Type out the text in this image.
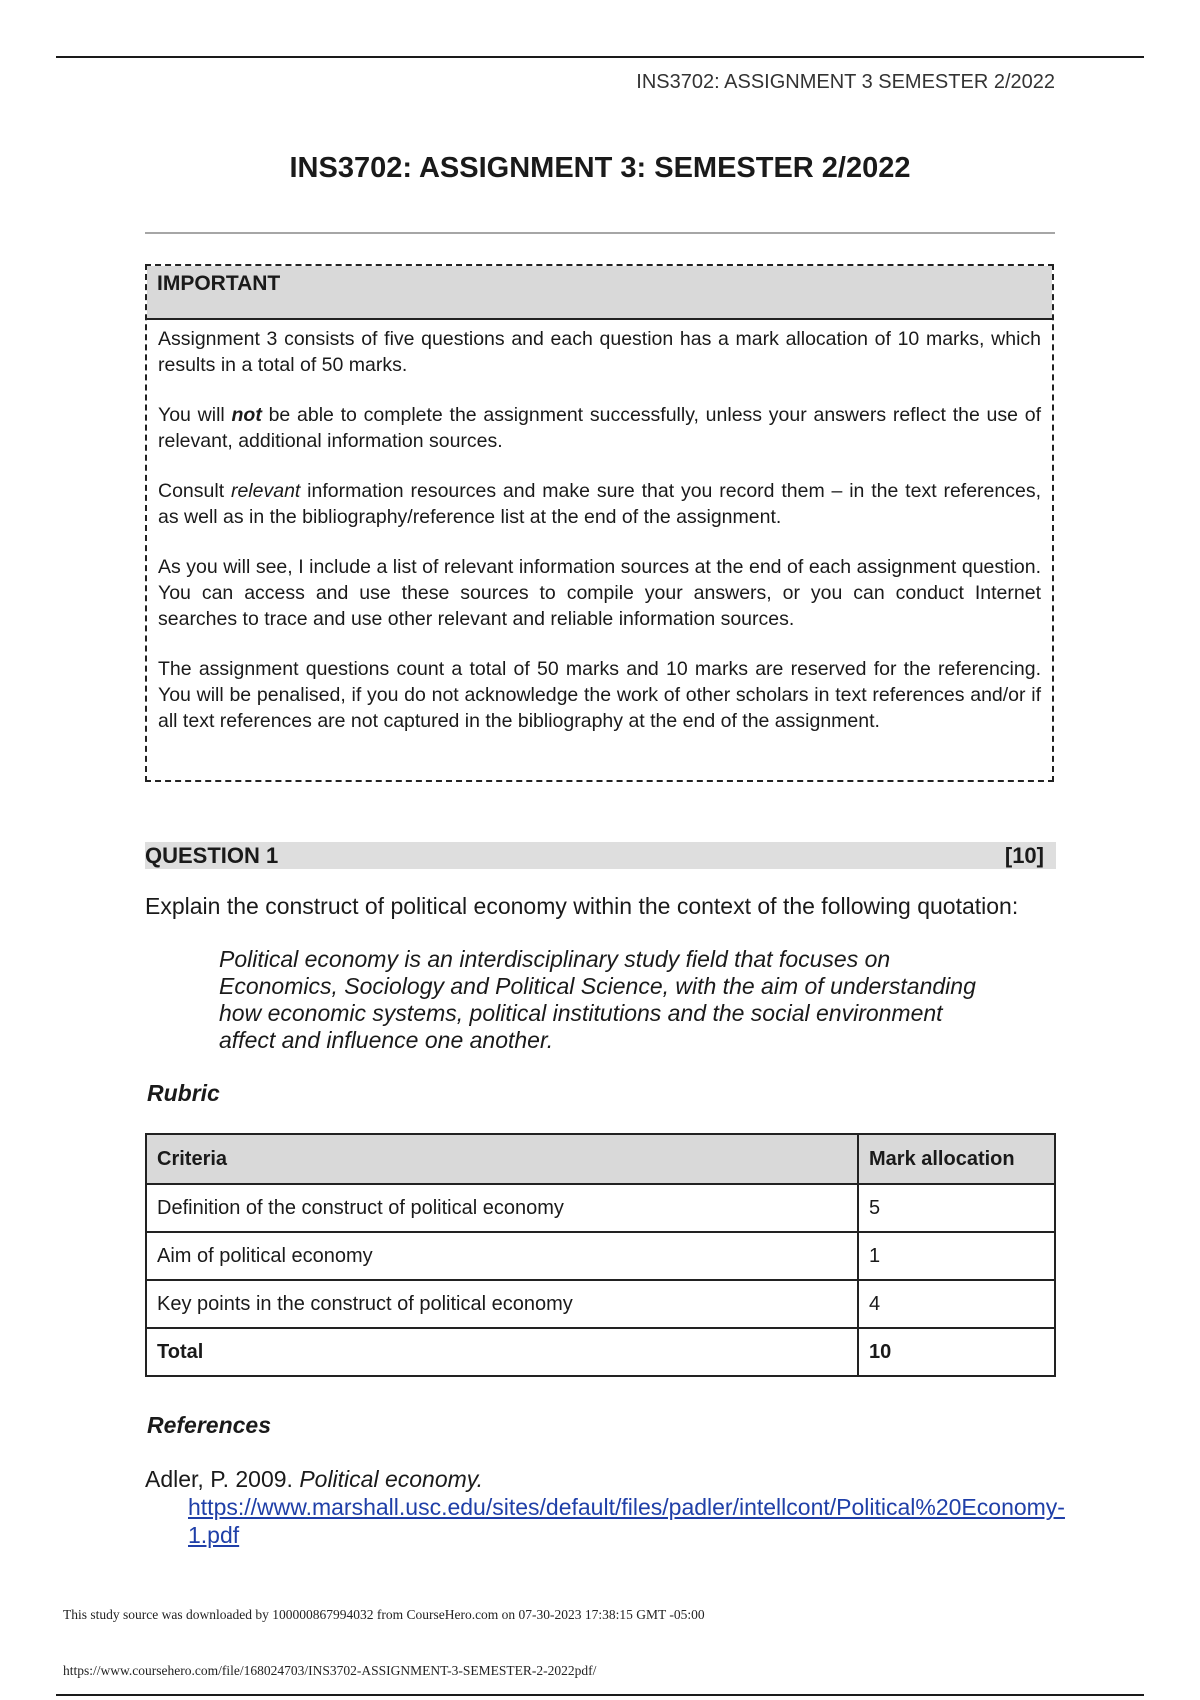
INS3702: ASSIGNMENT 3 SEMESTER 2/2022
INS3702: ASSIGNMENT 3: SEMESTER 2/2022
IMPORTANT

Assignment 3 consists of five questions and each question has a mark allocation of 10 marks, which results in a total of 50 marks.

You will not be able to complete the assignment successfully, unless your answers reflect the use of relevant, additional information sources.

Consult relevant information resources and make sure that you record them – in the text references, as well as in the bibliography/reference list at the end of the assignment.

As you will see, I include a list of relevant information sources at the end of each assignment question. You can access and use these sources to compile your answers, or you can conduct Internet searches to trace and use other relevant and reliable information sources.

The assignment questions count a total of 50 marks and 10 marks are reserved for the referencing. You will be penalised, if you do not acknowledge the work of other scholars in text references and/or if all text references are not captured in the bibliography at the end of the assignment.

QUESTION 1	[10]

Explain the construct of political economy within the context of the following quotation:

Political economy is an interdisciplinary study field that focuses on Economics, Sociology and Political Science, with the aim of understanding how economic systems, political institutions and the social environment affect and influence one another.

Rubric

Criteria	Mark allocation
Definition of the construct of political economy	5
Aim of political economy	1
Key points in the construct of political economy	4
Total	10

References

Adler, P. 2009. Political economy.

https://www.marshall.usc.edu/sites/default/files/padler/intellcont/Political%20Economy-1.pdf

This study source was downloaded by 100000867994032 from CourseHero.com on 07-30-2023 17:38:15 GMT -05:00

https://www.coursehero.com/file/168024703/INS3702-ASSIGNMENT-3-SEMESTER-2-2022pdf/
